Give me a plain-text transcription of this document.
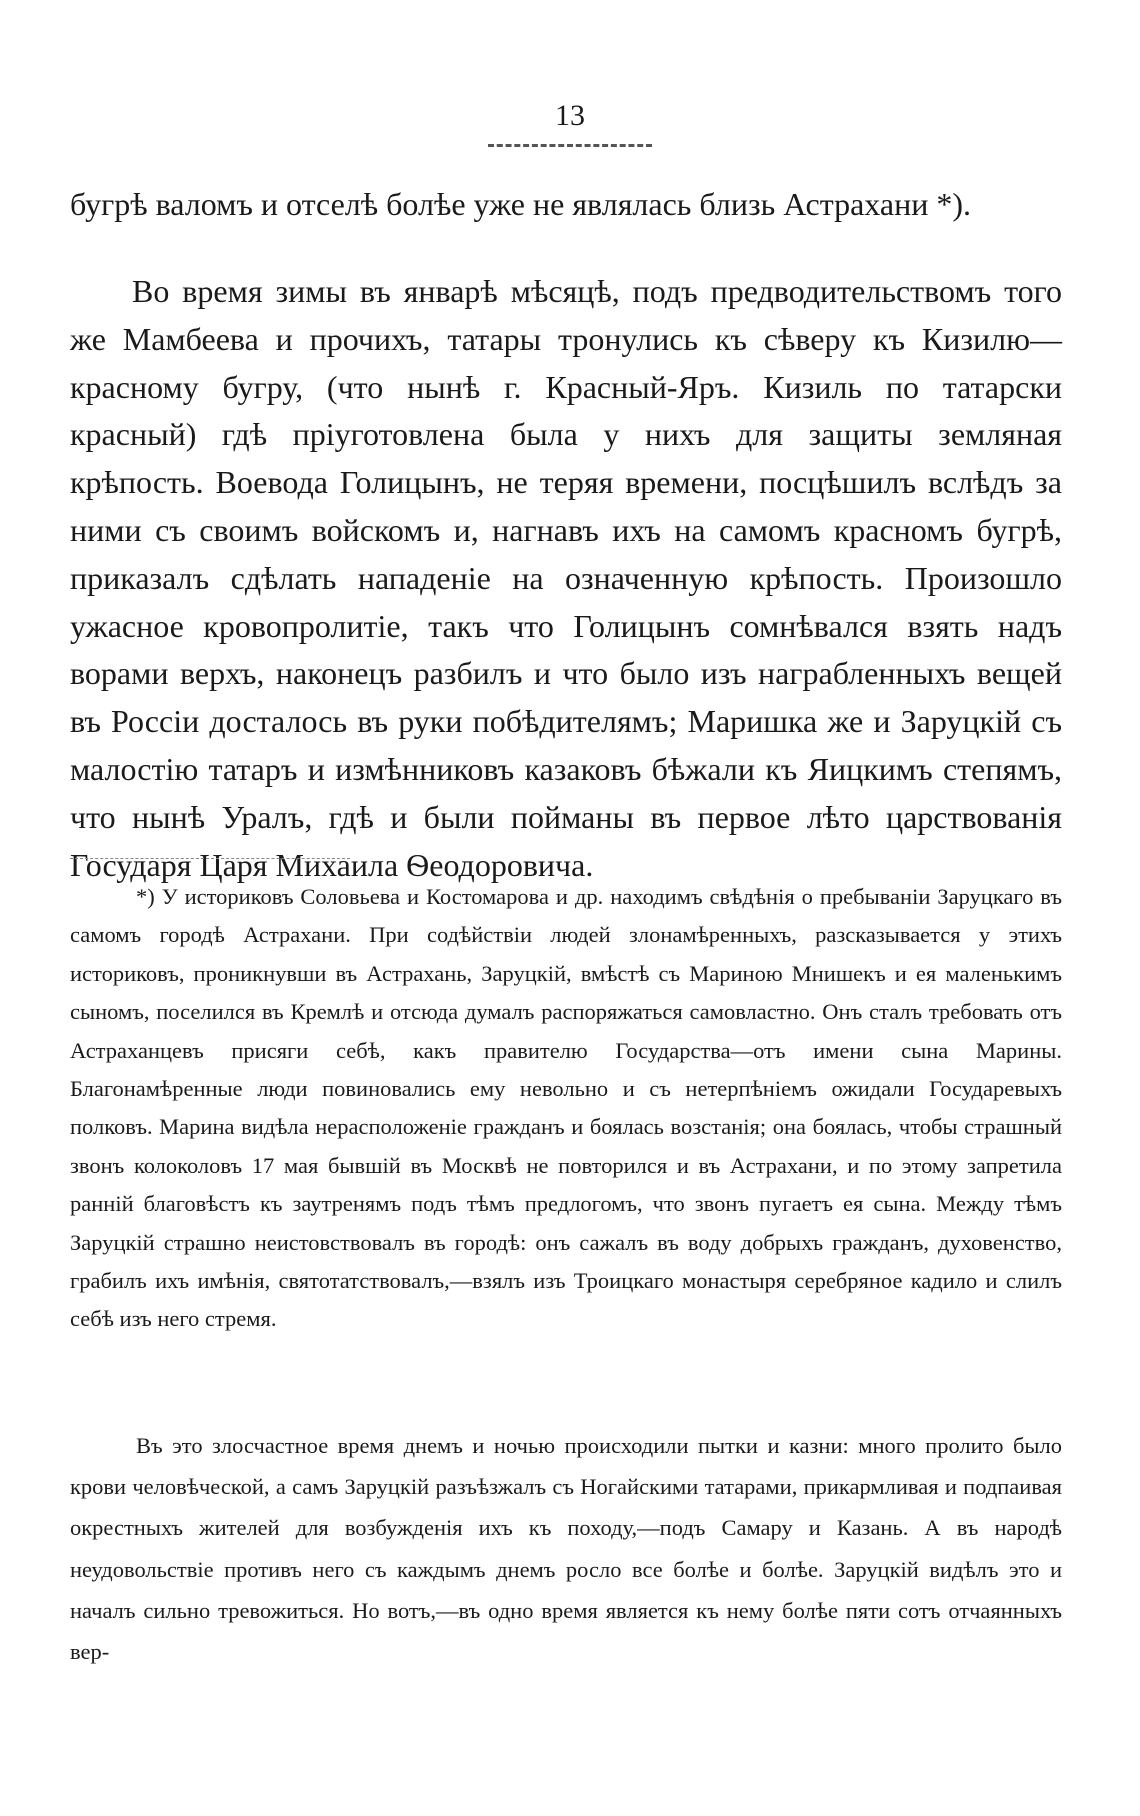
13

бугрѣ валомъ и отселѣ болѣе уже не являлась близь Астрахани *).

Во время зимы въ январѣ мѣсяцѣ, подъ предводительствомъ того же Мамбеева и прочихъ, татары тронулись къ сѣверу къ Кизилю—красному бугру, (что нынѣ г. Красный-Яръ. Кизиль по татарски красный) гдѣ пріуготовлена была у нихъ для защиты земляная крѣпость. Воевода Голицынъ, не теряя времени, посцѣшилъ вслѣдъ за ними съ своимъ войскомъ и, нагнавъ ихъ на самомъ красномъ бугрѣ, приказалъ сдѣлать нападеніе на означенную крѣпость. Произошло ужасное кровопролитіе, такъ что Голицынъ сомнѣвался взять надъ ворами верхъ, наконецъ разбилъ и что было изъ награбленныхъ вещей въ Россіи досталось въ руки побѣдителямъ; Маришка же и Заруцкій съ малостію татаръ и измѣнниковъ казаковъ бѣжали къ Яицкимъ степямъ, что нынѣ Уралъ, гдѣ и были пойманы въ первое лѣто царствованія Государя Царя Михаила Ѳеодоровича.

*) У историковъ Соловьева и Костомарова и др. находимъ свѣдѣнія о пребываніи Заруцкаго въ самомъ городѣ Астрахани. При содѣйствіи людей злонамѣренныхъ, разсказывается у этихъ историковъ, проникнувши въ Астрахань, Заруцкій, вмѣстѣ съ Мариною Мнишекъ и ея маленькимъ сыномъ, поселился въ Кремлѣ и отсюда думалъ распоряжаться самовластно. Онъ сталъ требовать отъ Астраханцевъ присяги себѣ, какъ правителю Государства—отъ имени сына Марины. Благонамѣренные люди повиновались ему невольно и съ нетерпѣніемъ ожидали Государевыхъ полковъ. Марина видѣла нерасположеніе гражданъ и боялась возстанія; она боялась, чтобы страшный звонъ колоколовъ 17 мая бывшій въ Москвѣ не повторился и въ Астрахани, и по этому запретила ранній благовѣстъ къ заутренямъ подъ тѣмъ предлогомъ, что звонъ пугаетъ ея сына. Между тѣмъ Заруцкій страшно неистовствовалъ въ городѣ: онъ сажалъ въ воду добрыхъ гражданъ, духовенство, грабилъ ихъ имѣнія, святотатствовалъ,—взялъ изъ Троицкаго монастыря серебряное кадило и слилъ себѣ изъ него стремя.

Въ это злосчастное время днемъ и ночью происходили пытки и казни: много пролито было крови человѣческой, а самъ Заруцкій разъѣзжалъ съ Ногайскими татарами, прикармливая и подпаивая окрестныхъ жителей для возбужденія ихъ къ походу,—подъ Самару и Казань. А въ народѣ неудовольствіе противъ него съ каждымъ днемъ росло все болѣе и болѣе. Заруцкій видѣлъ это и началъ сильно тревожиться. Но вотъ,—въ одно время является къ нему болѣе пяти сотъ отчаянныхъ вер-
